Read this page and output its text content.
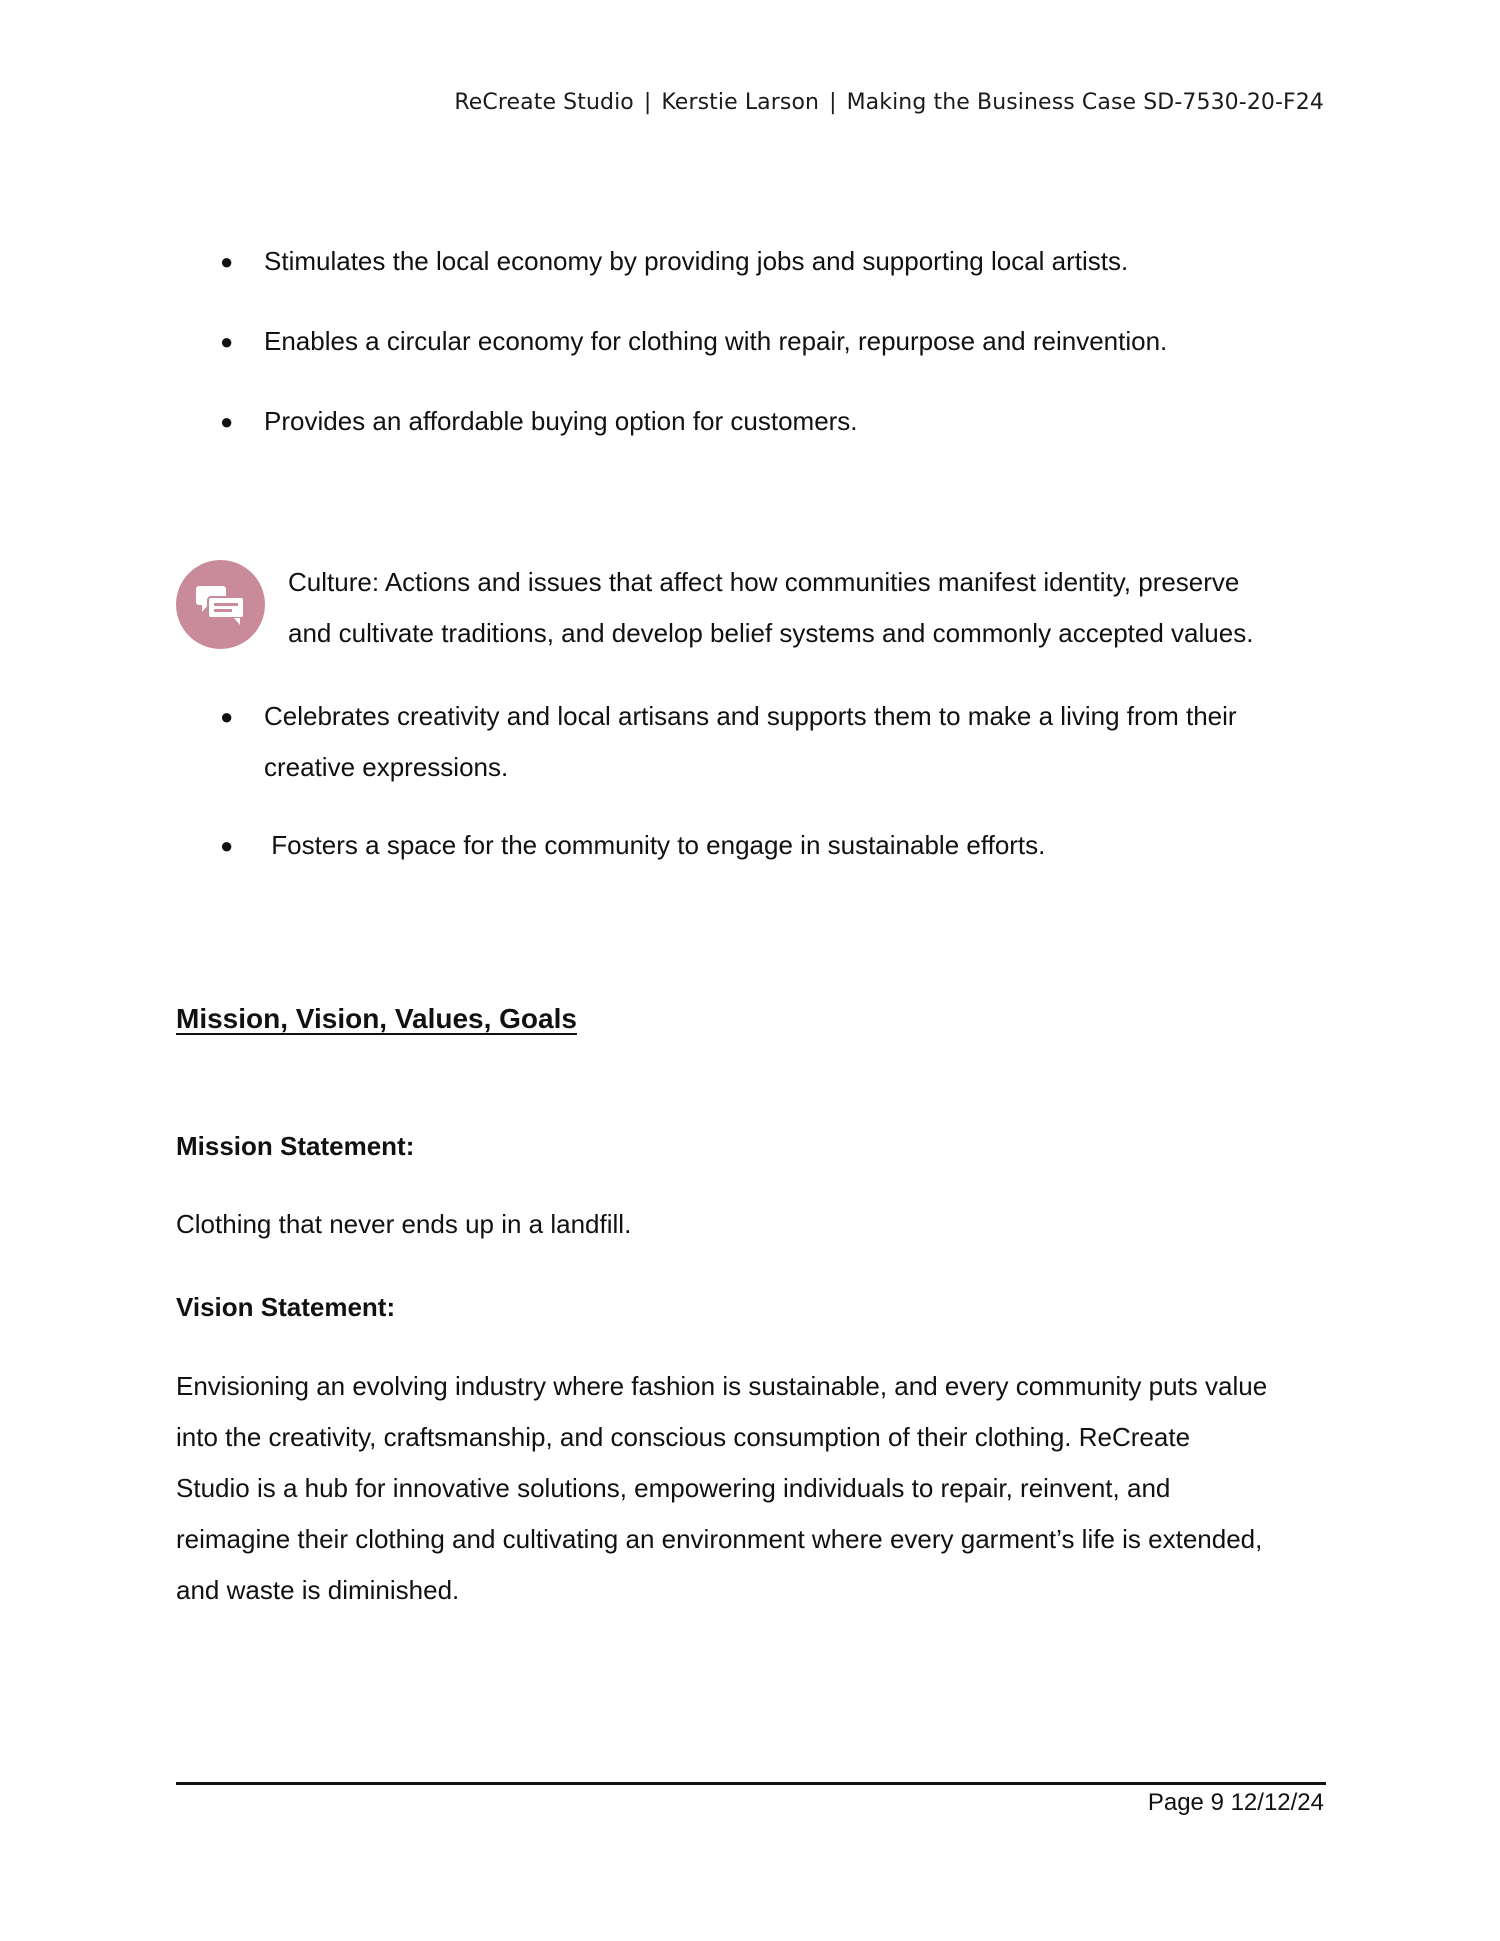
ReCreate Studio | Kerstie Larson | Making the Business Case SD-7530-20-F24
● Stimulates the local economy by providing jobs and supporting local artists.
● Enables a circular economy for clothing with repair, repurpose and reinvention.
● Provides an affordable buying option for customers.
Culture: Actions and issues that affect how communities manifest identity, preserve
and cultivate traditions, and develop belief systems and commonly accepted values.
● Celebrates creativity and local artisans and supports them to make a living from their
creative expressions.
● Fosters a space for the community to engage in sustainable efforts.
Mission, Vision, Values, Goals
Mission Statement:
Clothing that never ends up in a landfill.
Vision Statement:
Envisioning an evolving industry where fashion is sustainable, and every community puts value
into the creativity, craftsmanship, and conscious consumption of their clothing. ReCreate
Studio is a hub for innovative solutions, empowering individuals to repair, reinvent, and
reimagine their clothing and cultivating an environment where every garment’s life is extended,
and waste is diminished.
Page 9 12/12/24
